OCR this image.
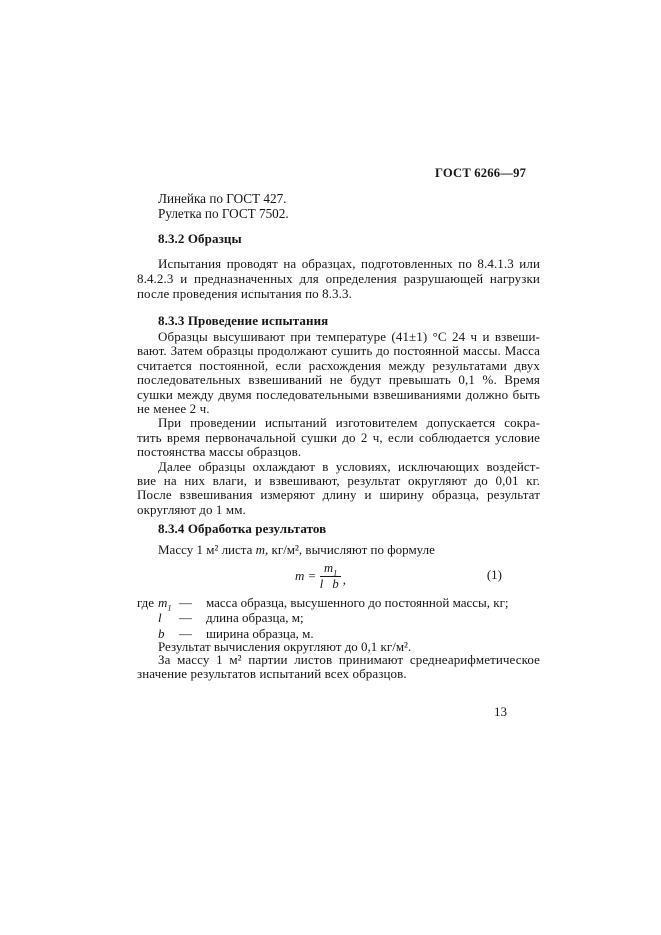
ГОСТ 6266—97
Линейка по ГОСТ 427.
Рулетка по ГОСТ 7502.
8.3.2 Образцы
Испытания проводят на образцах, подготовленных по 8.4.1.3 или
8.4.2.3 и предназначенных для определения разрушающей нагрузки
после проведения испытания по 8.3.3.
8.3.3 Проведение испытания
Образцы высушивают при температуре (41±1) °С 24 ч и взвеши-
вают. Затем образцы продолжают сушить до постоянной массы. Масса
считается постоянной, если расхождения между результатами двух
последовательных взвешиваний не будут превышать 0,1 %. Время
сушки между двумя последовательными взвешиваниями должно быть
не менее 2 ч.
При проведении испытаний изготовителем допускается сокра-
тить время первоначальной сушки до 2 ч, если соблюдается условие
постоянства массы образцов.
Далее образцы охлаждают в условиях, исключающих воздейст-
вие на них влаги, и взвешивают, результат округляют до 0,01 кг.
После взвешивания измеряют длину и ширину образца, результат
округляют до 1 мм.
8.3.4 Обработка результатов
Массу 1 м² листа m, кг/м², вычисляют по формуле
$m = \frac{m_1}{\text{l b}}$ ,	(1)
где $m_1$ —	масса образца, высушенного до постоянной массы, кг;
l	—	длина образца, м;
b	—	ширина образца, м.
Результат вычисления округляют до 0,1 кг/м².
За массу 1 м² партии листов принимают среднеарифметическое
значение результатов испытаний всех образцов.
13
